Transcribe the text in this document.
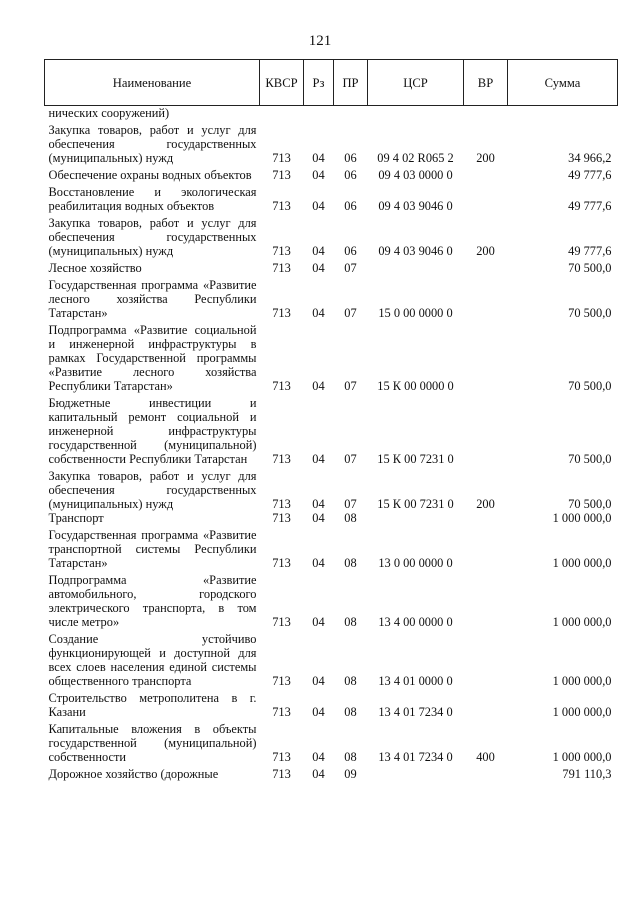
121
Наименование	КВСР	Рз	ПР	ЦСР	ВР	Сумма
нических сооружений)						
Закупка товаров, работ и услуг для обеспечения государственных (муниципальных) нужд	713	04	06	09 4 02 R065 2	200	34 966,2
Обеспечение охраны водных объектов	713	04	06	09 4 03 0000 0		49 777,6
Восстановление и экологическая реабилитация водных объектов	713	04	06	09 4 03 9046 0		49 777,6
Закупка товаров, работ и услуг для обеспечения государственных (муниципальных) нужд	713	04	06	09 4 03 9046 0	200	49 777,6
Лесное хозяйство	713	04	07			70 500,0
Государственная программа «Развитие лесного хозяйства Республики Татарстан»	713	04	07	15 0 00 0000 0		70 500,0
Подпрограмма «Развитие социальной и инженерной инфраструктуры в рамках Государственной программы «Развитие лесного хозяйства Республики Татарстан»	713	04	07	15 К 00 0000 0		70 500,0
Бюджетные инвестиции и капитальный ремонт социальной и инженерной инфраструктуры государственной (муниципальной) собственности Республики Татарстан	713	04	07	15 К 00 7231 0		70 500,0
Закупка товаров, работ и услуг для обеспечения государственных (муниципальных) нужд	713	04	07	15 К 00 7231 0	200	70 500,0
Транспорт	713	04	08			1 000 000,0
Государственная программа «Развитие транспортной системы Республики Татарстан»	713	04	08	13 0 00 0000 0		1 000 000,0
Подпрограмма «Развитие автомобильного, городского электрического транспорта, в том числе метро»	713	04	08	13 4 00 0000 0		1 000 000,0
Создание устойчиво функционирующей и доступной для всех слоев населения единой системы общественного транспорта	713	04	08	13 4 01 0000 0		1 000 000,0
Строительство метрополитена в г. Казани	713	04	08	13 4 01 7234 0		1 000 000,0
Капитальные вложения в объекты государственной (муниципальной) собственности	713	04	08	13 4 01 7234 0	400	1 000 000,0
Дорожное хозяйство (дорожные	713	04	09			791 110,3
